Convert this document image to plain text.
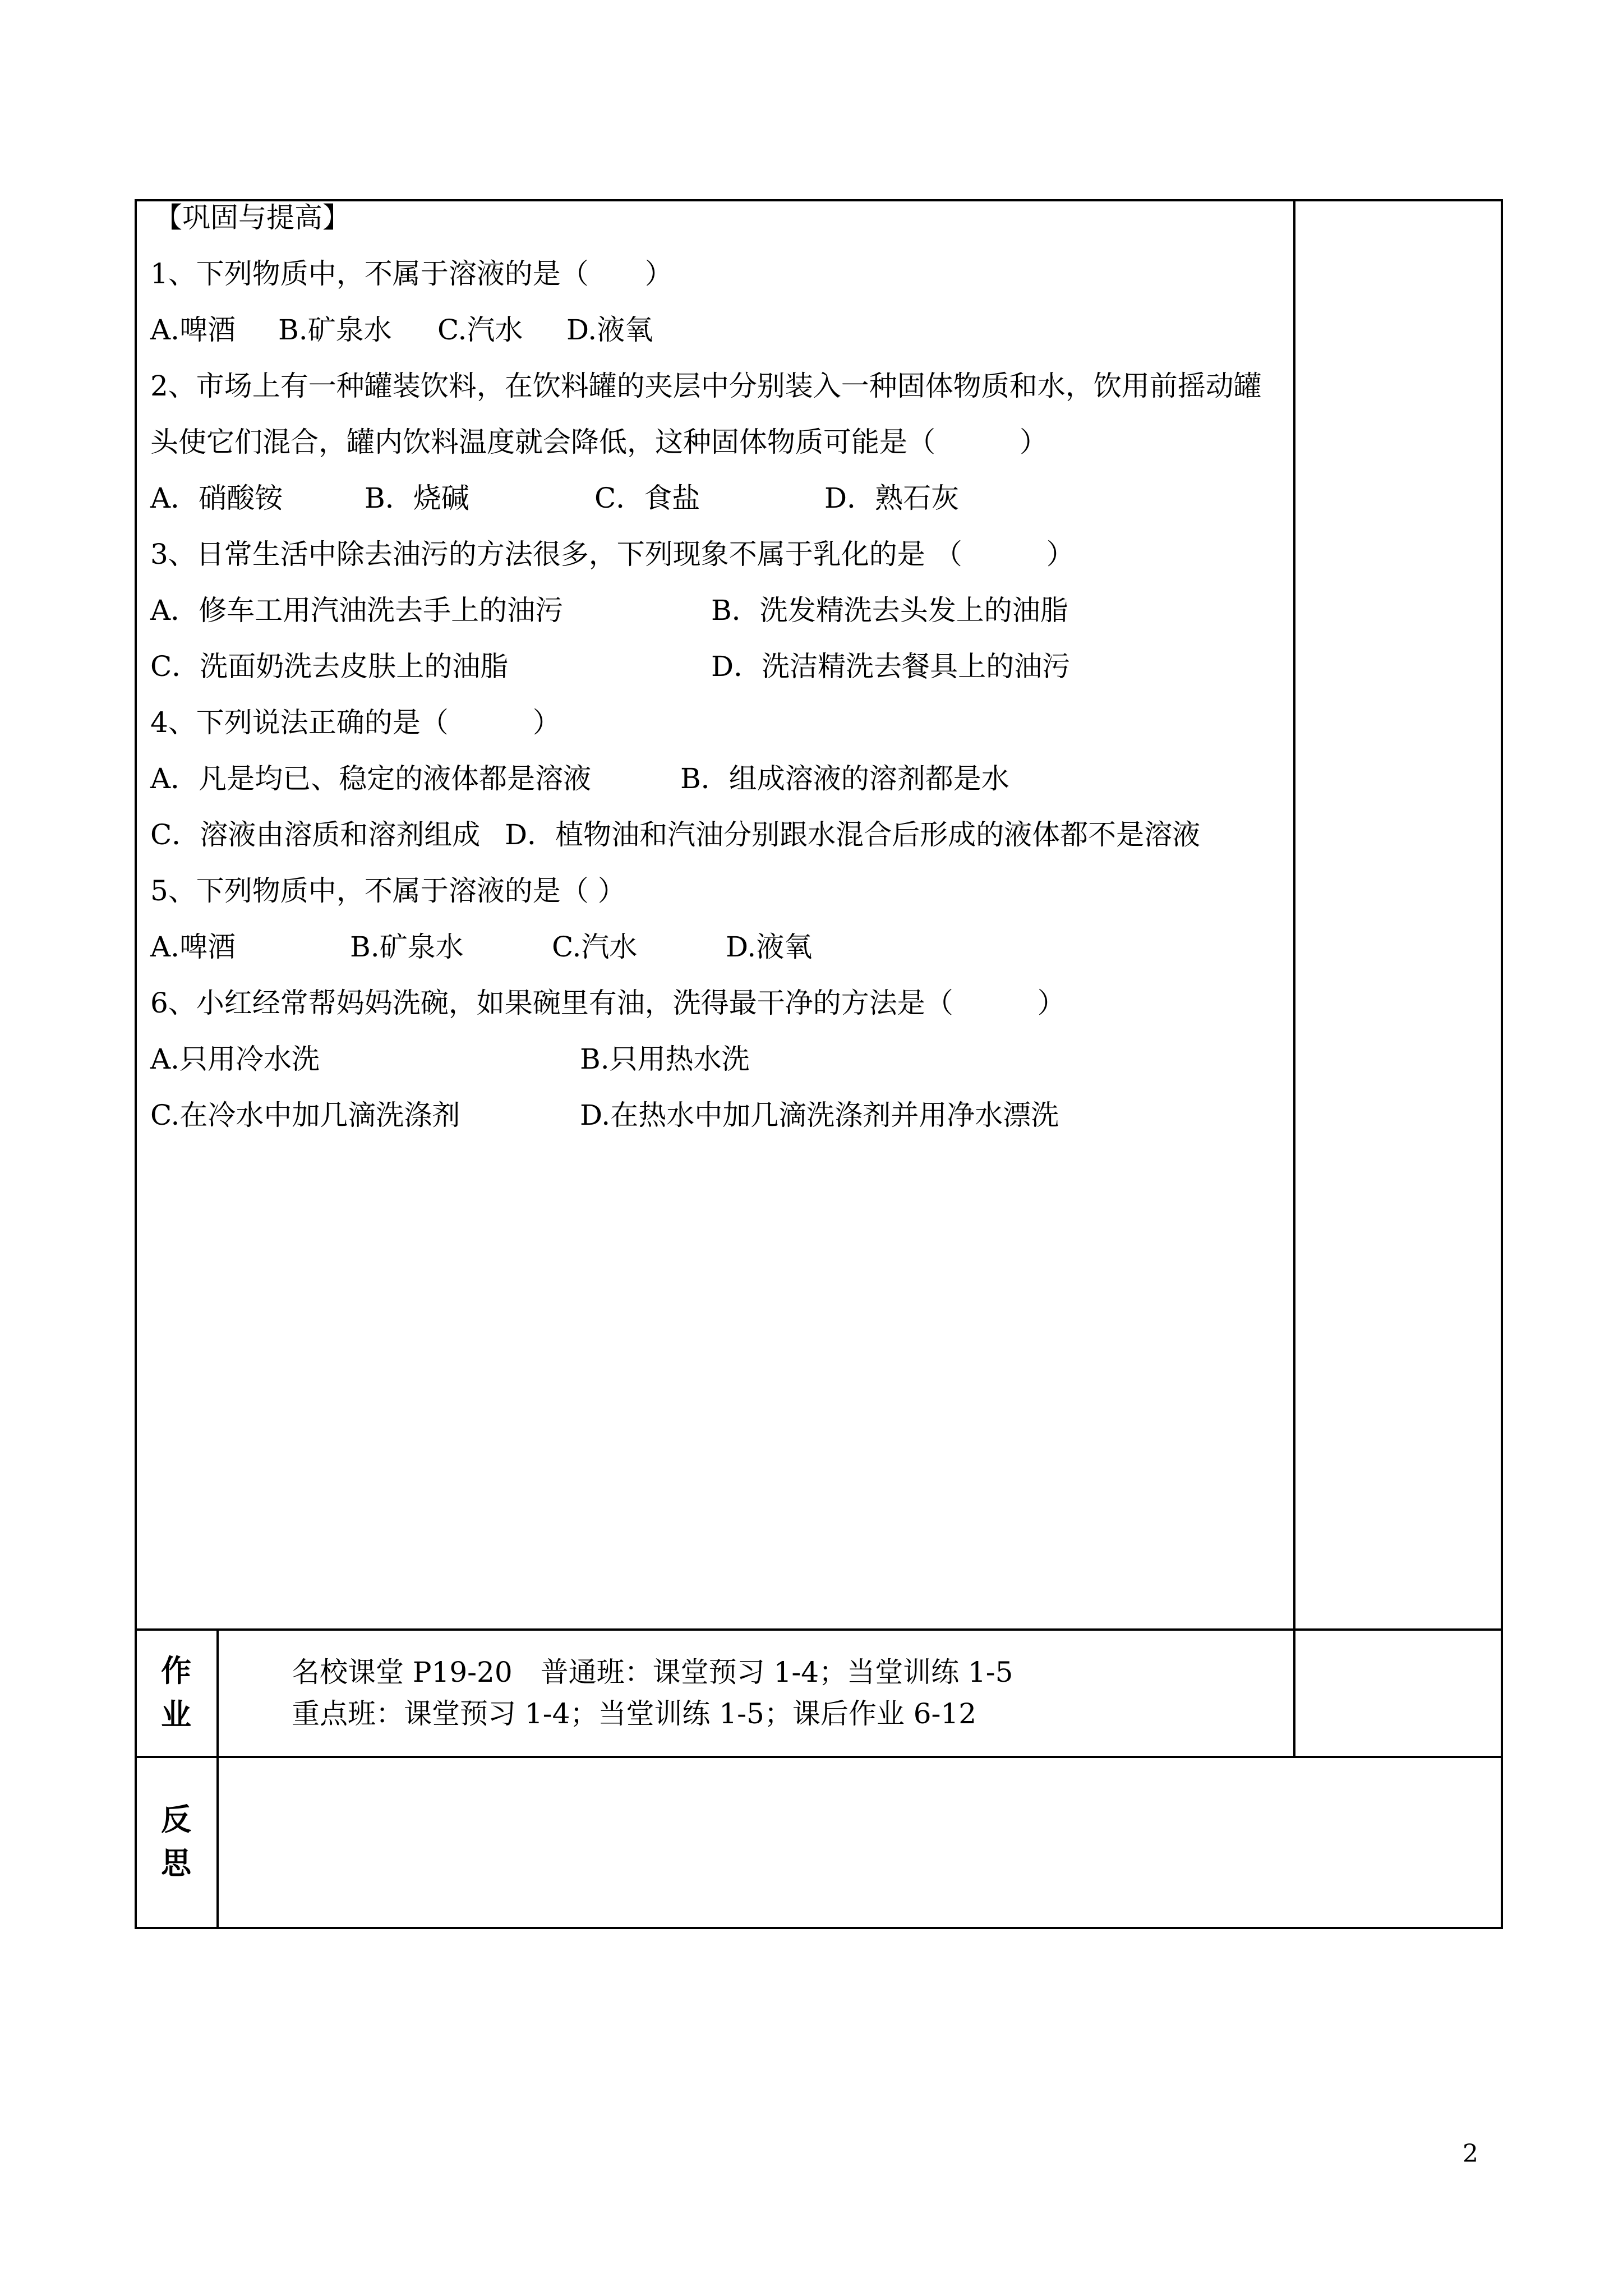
【巩固与提高】
1、下列物质中，不属于溶液的是（　　）

A.啤酒

B.矿泉水

C.汽水

D.液氧

2、市场上有一种罐装饮料，在饮料罐的夹层中分别装入一种固体物质和水，饮用前摇动罐
头使它们混合，罐内饮料温度就会降低，这种固体物质可能是（　　　）

A．硝酸铵

	B．烧碱

	C．食盐

	D．熟石灰

3、日常生活中除去油污的方法很多，下列现象不属于乳化的是 （　　　）

A．修车工用汽油洗去手上的油污

	B．洗发精洗去头发上的油脂

C．洗面奶洗去皮肤上的油脂

	D．洗洁精洗去餐具上的油污

4、下列说法正确的是（　　　）

A．凡是均已、稳定的液体都是溶液

	B．组成溶液的溶剂都是水

C．溶液由溶质和溶剂组成

D．植物油和汽油分别跟水混合后形成的液体都不是溶液

5、下列物质中，不属于溶液的是（ ）

A.啤酒

	B.矿泉水

	C.汽水

	D.液氧

6、小红经常帮妈妈洗碗，如果碗里有油，洗得最干净的方法是（　　　）

A.只用冷水洗

	B.只用热水洗

C.在冷水中加几滴洗涤剂

	D.在热水中加几滴洗涤剂并用净水漂洗

作
业
名校课堂 P19-20　普通班：课堂预习 1-4；当堂训练 1-5
重点班：课堂预习 1-4；当堂训练 1-5；课后作业 6-12
反
思
2
